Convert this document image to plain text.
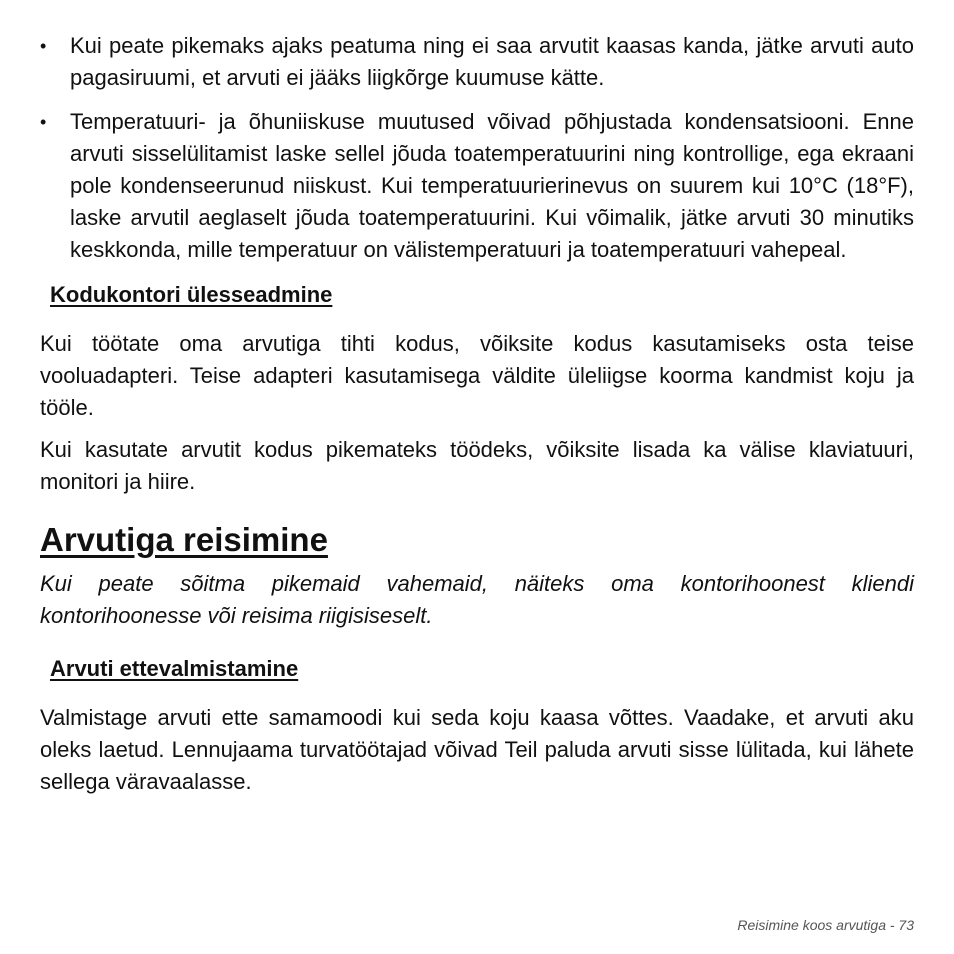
• Kui peate pikemaks ajaks peatuma ning ei saa arvutit kaasas kanda, jätke arvuti auto pagasiruumi, et arvuti ei jääks liigkõrge kuumuse kätte.
• Temperatuuri- ja õhuniiskuse muutused võivad põhjustada kondensatsiooni. Enne arvuti sisselülitamist laske sellel jõuda toatemperatuurini ning kontrollige, ega ekraani pole kondenseerunud niiskust. Kui temperatuurierinevus on suurem kui 10°C (18°F), laske arvutil aeglaselt jõuda toatemperatuurini. Kui võimalik, jätke arvuti 30 minutiks keskkonda, mille temperatuur on välistemperatuuri ja toatemperatuuri vahepeal.
Kodukontori ülesseadmine

Kui töötate oma arvutiga tihti kodus, võiksite kodus kasutamiseks osta teise vooluadapteri. Teise adapteri kasutamisega väldite üleliigse koorma kandmist koju ja tööle.

Kui kasutate arvutit kodus pikemateks töödeks, võiksite lisada ka välise klaviatuuri, monitori ja hiire.

Arvutiga reisimine

Kui peate sõitma pikemaid vahemaid, näiteks oma kontorihoonest kliendi kontorihoonesse või reisima riigisiseselt.

Arvuti ettevalmistamine

Valmistage arvuti ette samamoodi kui seda koju kaasa võttes. Vaadake, et arvuti aku oleks laetud. Lennujaama turvatöötajad võivad Teil paluda arvuti sisse lülitada, kui lähete sellega väravaalasse.

Reisimine koos arvutiga - 73
